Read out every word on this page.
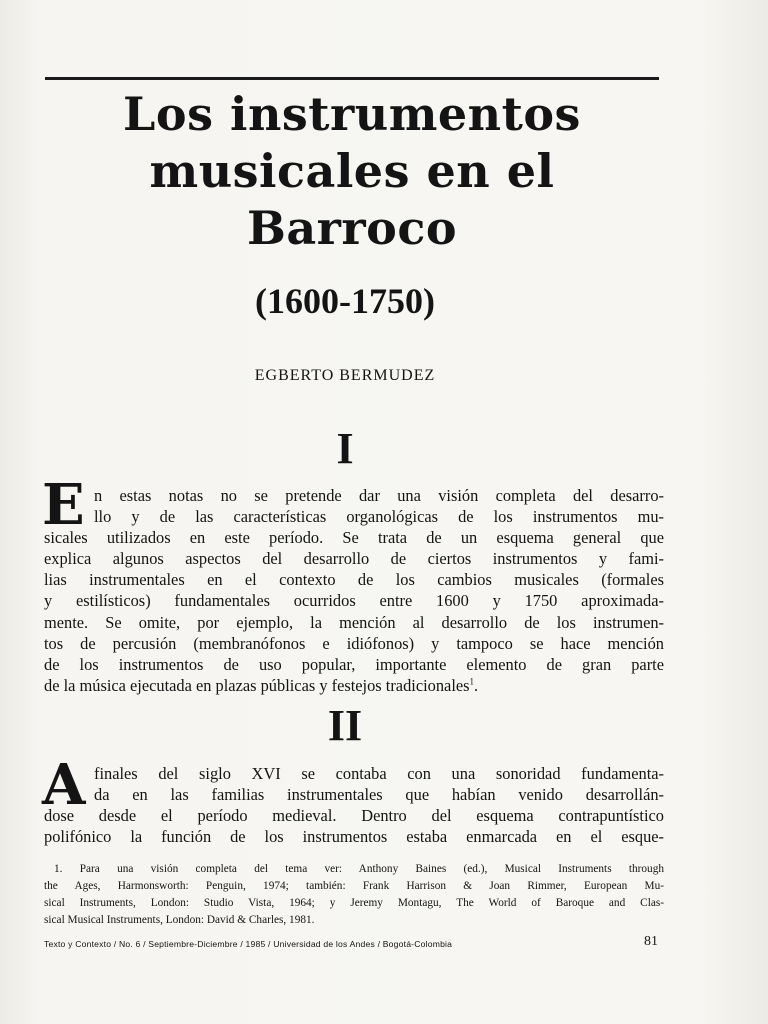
Los instrumentos
musicales en el
Barroco

(1600-1750)

EGBERTO BERMUDEZ

I

E n estas notas no se pretende dar una visión completa del desarro-
llo y de las características organológicas de los instrumentos mu-
sicales utilizados en este período. Se trata de un esquema general que
explica algunos aspectos del desarrollo de ciertos instrumentos y fami-
lias instrumentales en el contexto de los cambios musicales (formales
y estilísticos) fundamentales ocurridos entre 1600 y 1750 aproximada-
mente. Se omite, por ejemplo, la mención al desarrollo de los instrumen-
tos de percusión (membranófonos e idiófonos) y tampoco se hace mención
de los instrumentos de uso popular, importante elemento de gran parte
de la música ejecutada en plazas públicas y festejos tradicionales$^1$.

II

A finales del siglo XVI se contaba con una sonoridad fundamenta-
da en las familias instrumentales que habían venido desarrollán-
dose desde el período medieval. Dentro del esquema contrapuntístico
polifónico la función de los instrumentos estaba enmarcada en el esque-

1. Para una visión completa del tema ver: Anthony Baines (ed.), Musical Instruments through
the Ages, Harmonsworth: Penguin, 1974; también: Frank Harrison & Joan Rimmer, European Mu-
sical Instruments, London: Studio Vista, 1964; y Jeremy Montagu, The World of Baroque and Clas-
sical Musical Instruments, London: David & Charles, 1981.

Texto y Contexto / No. 6 / Septiembre-Diciembre / 1985 / Universidad de los Andes / Bogotá-Colombia	81
